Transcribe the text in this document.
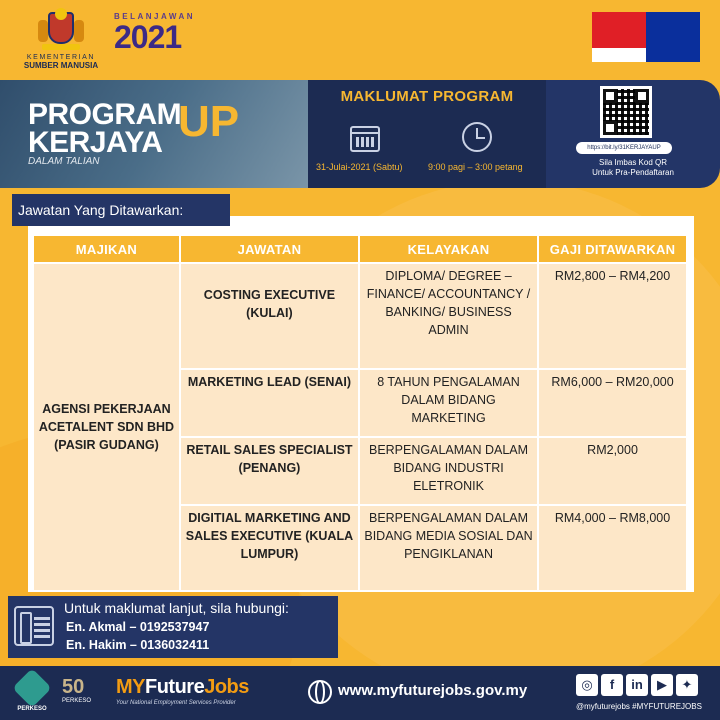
KEMENTERIAN
SUMBER MANUSIA
BELANJAWAN
2021
PROGRAM
KERJAYA UP
DALAM TALIAN
MAKLUMAT PROGRAM
31-Julai-2021 (Sabtu)	9:00 pagi – 3:00 petang
https://bit.ly/31KERJAYAUP
Sila Imbas Kod QR
Untuk Pra-Pendaftaran
MAJIKAN	JAWATAN	KELAYAKAN	GAJI DITAWARKAN
AGENSI PEKERJAAN ACETALENT SDN BHD (PASIR GUDANG)	COSTING EXECUTIVE (KULAI)	DIPLOMA/ DEGREE – FINANCE/ ACCOUNTANCY / BANKING/ BUSINESS ADMIN	RM2,800 – RM4,200
	MARKETING LEAD (SENAI)	8 TAHUN PENGALAMAN DALAM BIDANG MARKETING	RM6,000 – RM20,000
	RETAIL SALES SPECIALIST (PENANG)	BERPENGALAMAN DALAM BIDANG INDUSTRI ELETRONIK	RM2,000
	DIGITIAL MARKETING AND SALES EXECUTIVE (KUALA LUMPUR)	BERPENGALAMAN DALAM BIDANG MEDIA SOSIAL DAN PENGIKLANAN	RM4,000 – RM8,000
Jawatan Yang Ditawarkan:
Untuk maklumat lanjut, sila hubungi:
En. Akmal – 0192537947
En. Hakim – 0136032411
PERKESO
50
PERKESO
MYFutureJobs
Your National Employment Services Provider
www.myfuturejobs.gov.my	◎ f in ▶ ✦
@myfuturejobs #MYFUTUREJOBS
